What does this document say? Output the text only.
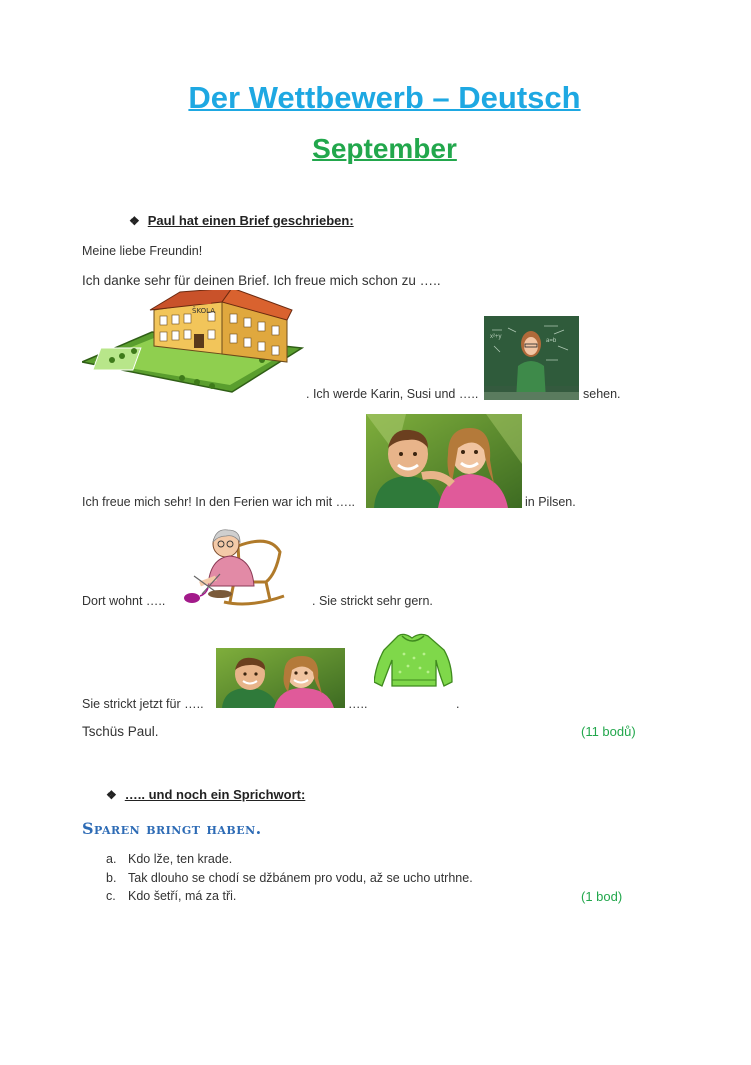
Der Wettbewerb – Deutsch
September
❖ Paul hat einen Brief geschrieben:
Meine liebe Freundin!
Ich danke sehr für deinen Brief. Ich freue mich schon zu …..
ŠKOLA
. Ich werde Karin, Susi und …..
x²+y
a=b
sehen.
Ich freue mich sehr! In den Ferien war ich mit …..	in Pilsen.
Dort wohnt …..	. Sie strickt sehr gern.
Sie strickt jetzt für …..	…..	.
Tschüs Paul.	(11 bodů)
❖ ….. und noch ein Sprichwort:
Sparen bringt haben.
a. Kdo lže, ten krade.
b. Tak dlouho se chodí se džbánem pro vodu, až se ucho utrhne.
c. Kdo šetří, má za tři.	(1 bod)
